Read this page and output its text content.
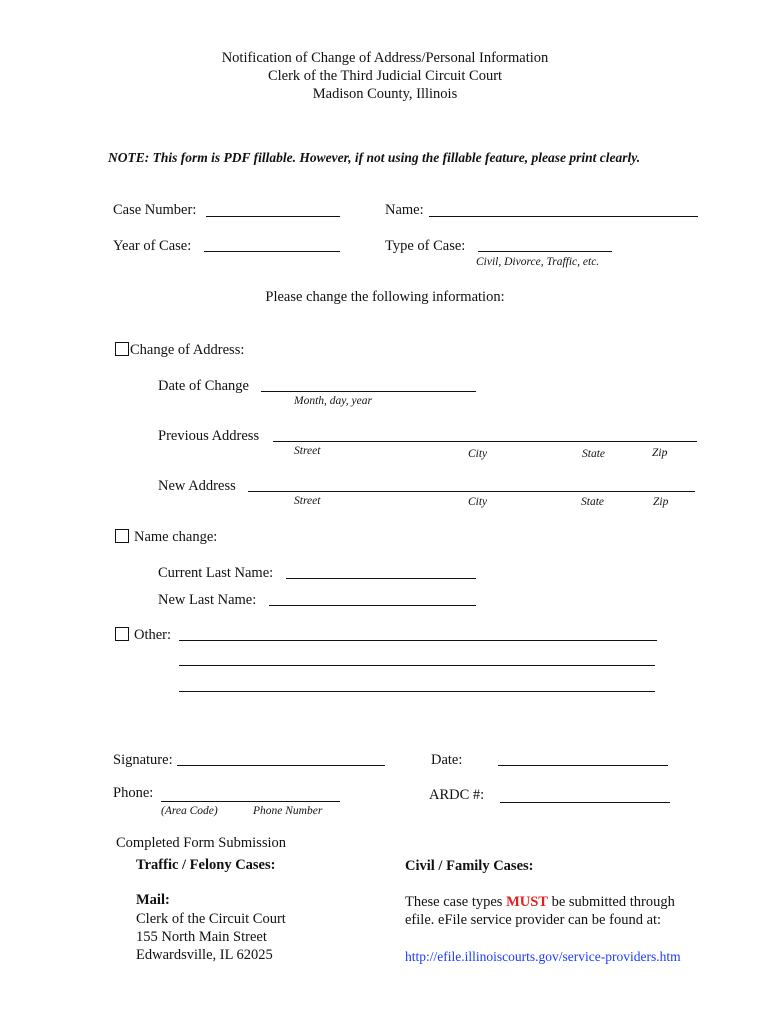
Notification of Change of Address/Personal Information
Clerk of the Third Judicial Circuit Court
Madison County, Illinois
NOTE: This form is PDF fillable. However, if not using the fillable feature, please print clearly.
Case Number:	Name:
Year of Case:	Type of Case:
Civil, Divorce, Traffic, etc.
Please change the following information:
Change of Address:
Date of Change
Month, day, year
Previous Address
Street	City	State	Zip
New Address
Street	City	State	Zip
Name change:
Current Last Name:
New Last Name:
Other:
Signature:	Date:
Phone:
(Area Code)	Phone Number
ARDC #:
Completed Form Submission
Traffic / Felony Cases:
Mail:
Clerk of the Circuit Court
155 North Main Street
Edwardsville, IL 62025
Civil / Family Cases:
These case types MUST be submitted through
efile. eFile service provider can be found at:
http://efile.illinoiscourts.gov/service-providers.htm
